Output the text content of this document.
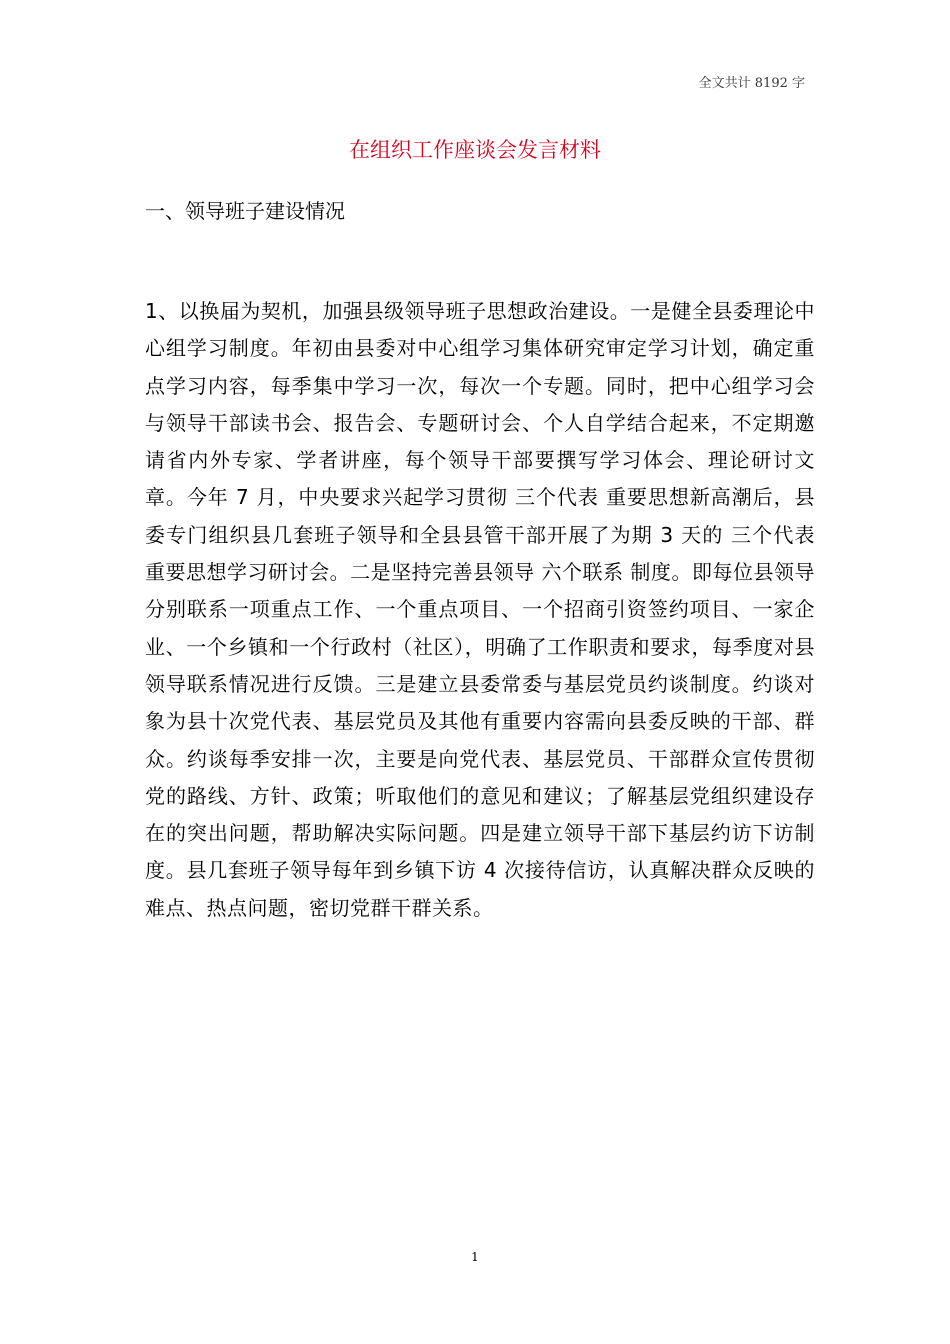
全文共计 8192 字
在组织工作座谈会发言材料
一、领导班子建设情况

1、以换届为契机，加强县级领导班子思想政治建设。一是健全县委理论中心组学习制度。年初由县委对中心组学习集体研究审定学习计划，确定重点学习内容，每季集中学习一次，每次一个专题。同时，把中心组学习会与领导干部读书会、报告会、专题研讨会、个人自学结合起来，不定期邀请省内外专家、学者讲座，每个领导干部要撰写学习体会、理论研讨文章。今年 7 月，中央要求兴起学习贯彻 三个代表 重要思想新高潮后，县委专门组织县几套班子领导和全县县管干部开展了为期 3 天的 三个代表 重要思想学习研讨会。二是坚持完善县领导 六个联系 制度。即每位县领导分别联系一项重点工作、一个重点项目、一个招商引资签约项目、一家企业、一个乡镇和一个行政村（社区），明确了工作职责和要求，每季度对县领导联系情况进行反馈。三是建立县委常委与基层党员约谈制度。约谈对象为县十次党代表、基层党员及其他有重要内容需向县委反映的干部、群众。约谈每季安排一次，主要是向党代表、基层党员、干部群众宣传贯彻党的路线、方针、政策；听取他们的意见和建议；了解基层党组织建设存在的突出问题，帮助解决实际问题。四是建立领导干部下基层约访下访制度。县几套班子领导每年到乡镇下访 4 次接待信访，认真解决群众反映的难点、热点问题，密切党群干群关系。

1
